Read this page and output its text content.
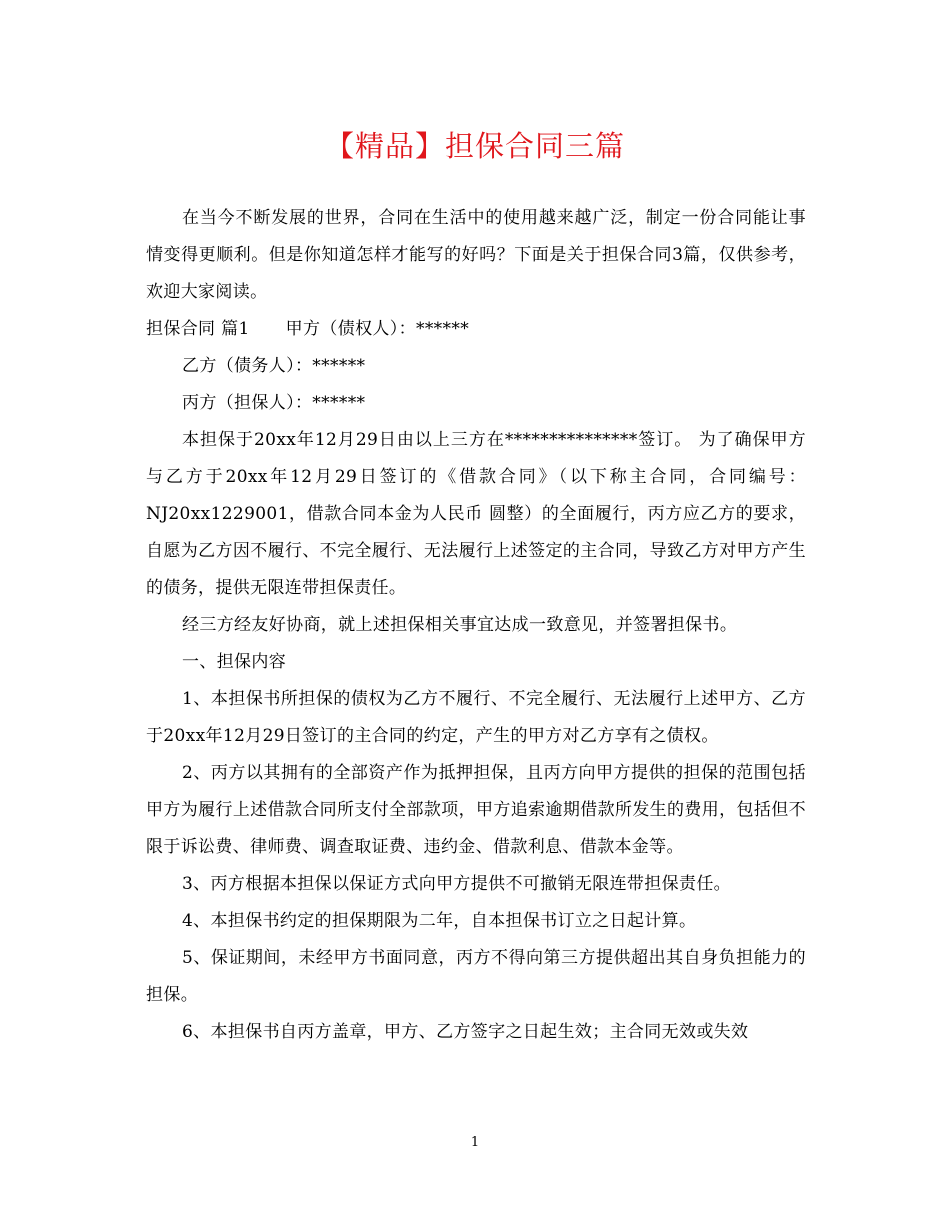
【精品】担保合同三篇

在当今不断发展的世界，合同在生活中的使用越来越广泛，制定一份合同能让事情变得更顺利。但是你知道怎样才能写的好吗？下面是关于担保合同3篇，仅供参考，欢迎大家阅读。

担保合同 篇1 甲方（债权人）：******

乙方（债务人）：******

丙方（担保人）：******

本担保于20xx年12月29日由以上三方在***************签订。 为了确保甲方与乙方于20xx年12月29日签订的《借款合同》（以下称主合同，合同编号：NJ20xx1229001，借款合同本金为人民币 圆整）的全面履行，丙方应乙方的要求，自愿为乙方因不履行、不完全履行、无法履行上述签定的主合同，导致乙方对甲方产生的债务，提供无限连带担保责任。

经三方经友好协商，就上述担保相关事宜达成一致意见，并签署担保书。

一、担保内容

1、本担保书所担保的债权为乙方不履行、不完全履行、无法履行上述甲方、乙方于20xx年12月29日签订的主合同的约定，产生的甲方对乙方享有之债权。

2、丙方以其拥有的全部资产作为抵押担保，且丙方向甲方提供的担保的范围包括甲方为履行上述借款合同所支付全部款项，甲方追索逾期借款所发生的费用，包括但不限于诉讼费、律师费、调查取证费、违约金、借款利息、借款本金等。

3、丙方根据本担保以保证方式向甲方提供不可撤销无限连带担保责任。

4、本担保书约定的担保期限为二年，自本担保书订立之日起计算。

5、保证期间，未经甲方书面同意，丙方不得向第三方提供超出其自身负担能力的担保。

6、本担保书自丙方盖章，甲方、乙方签字之日起生效；主合同无效或失效

1
